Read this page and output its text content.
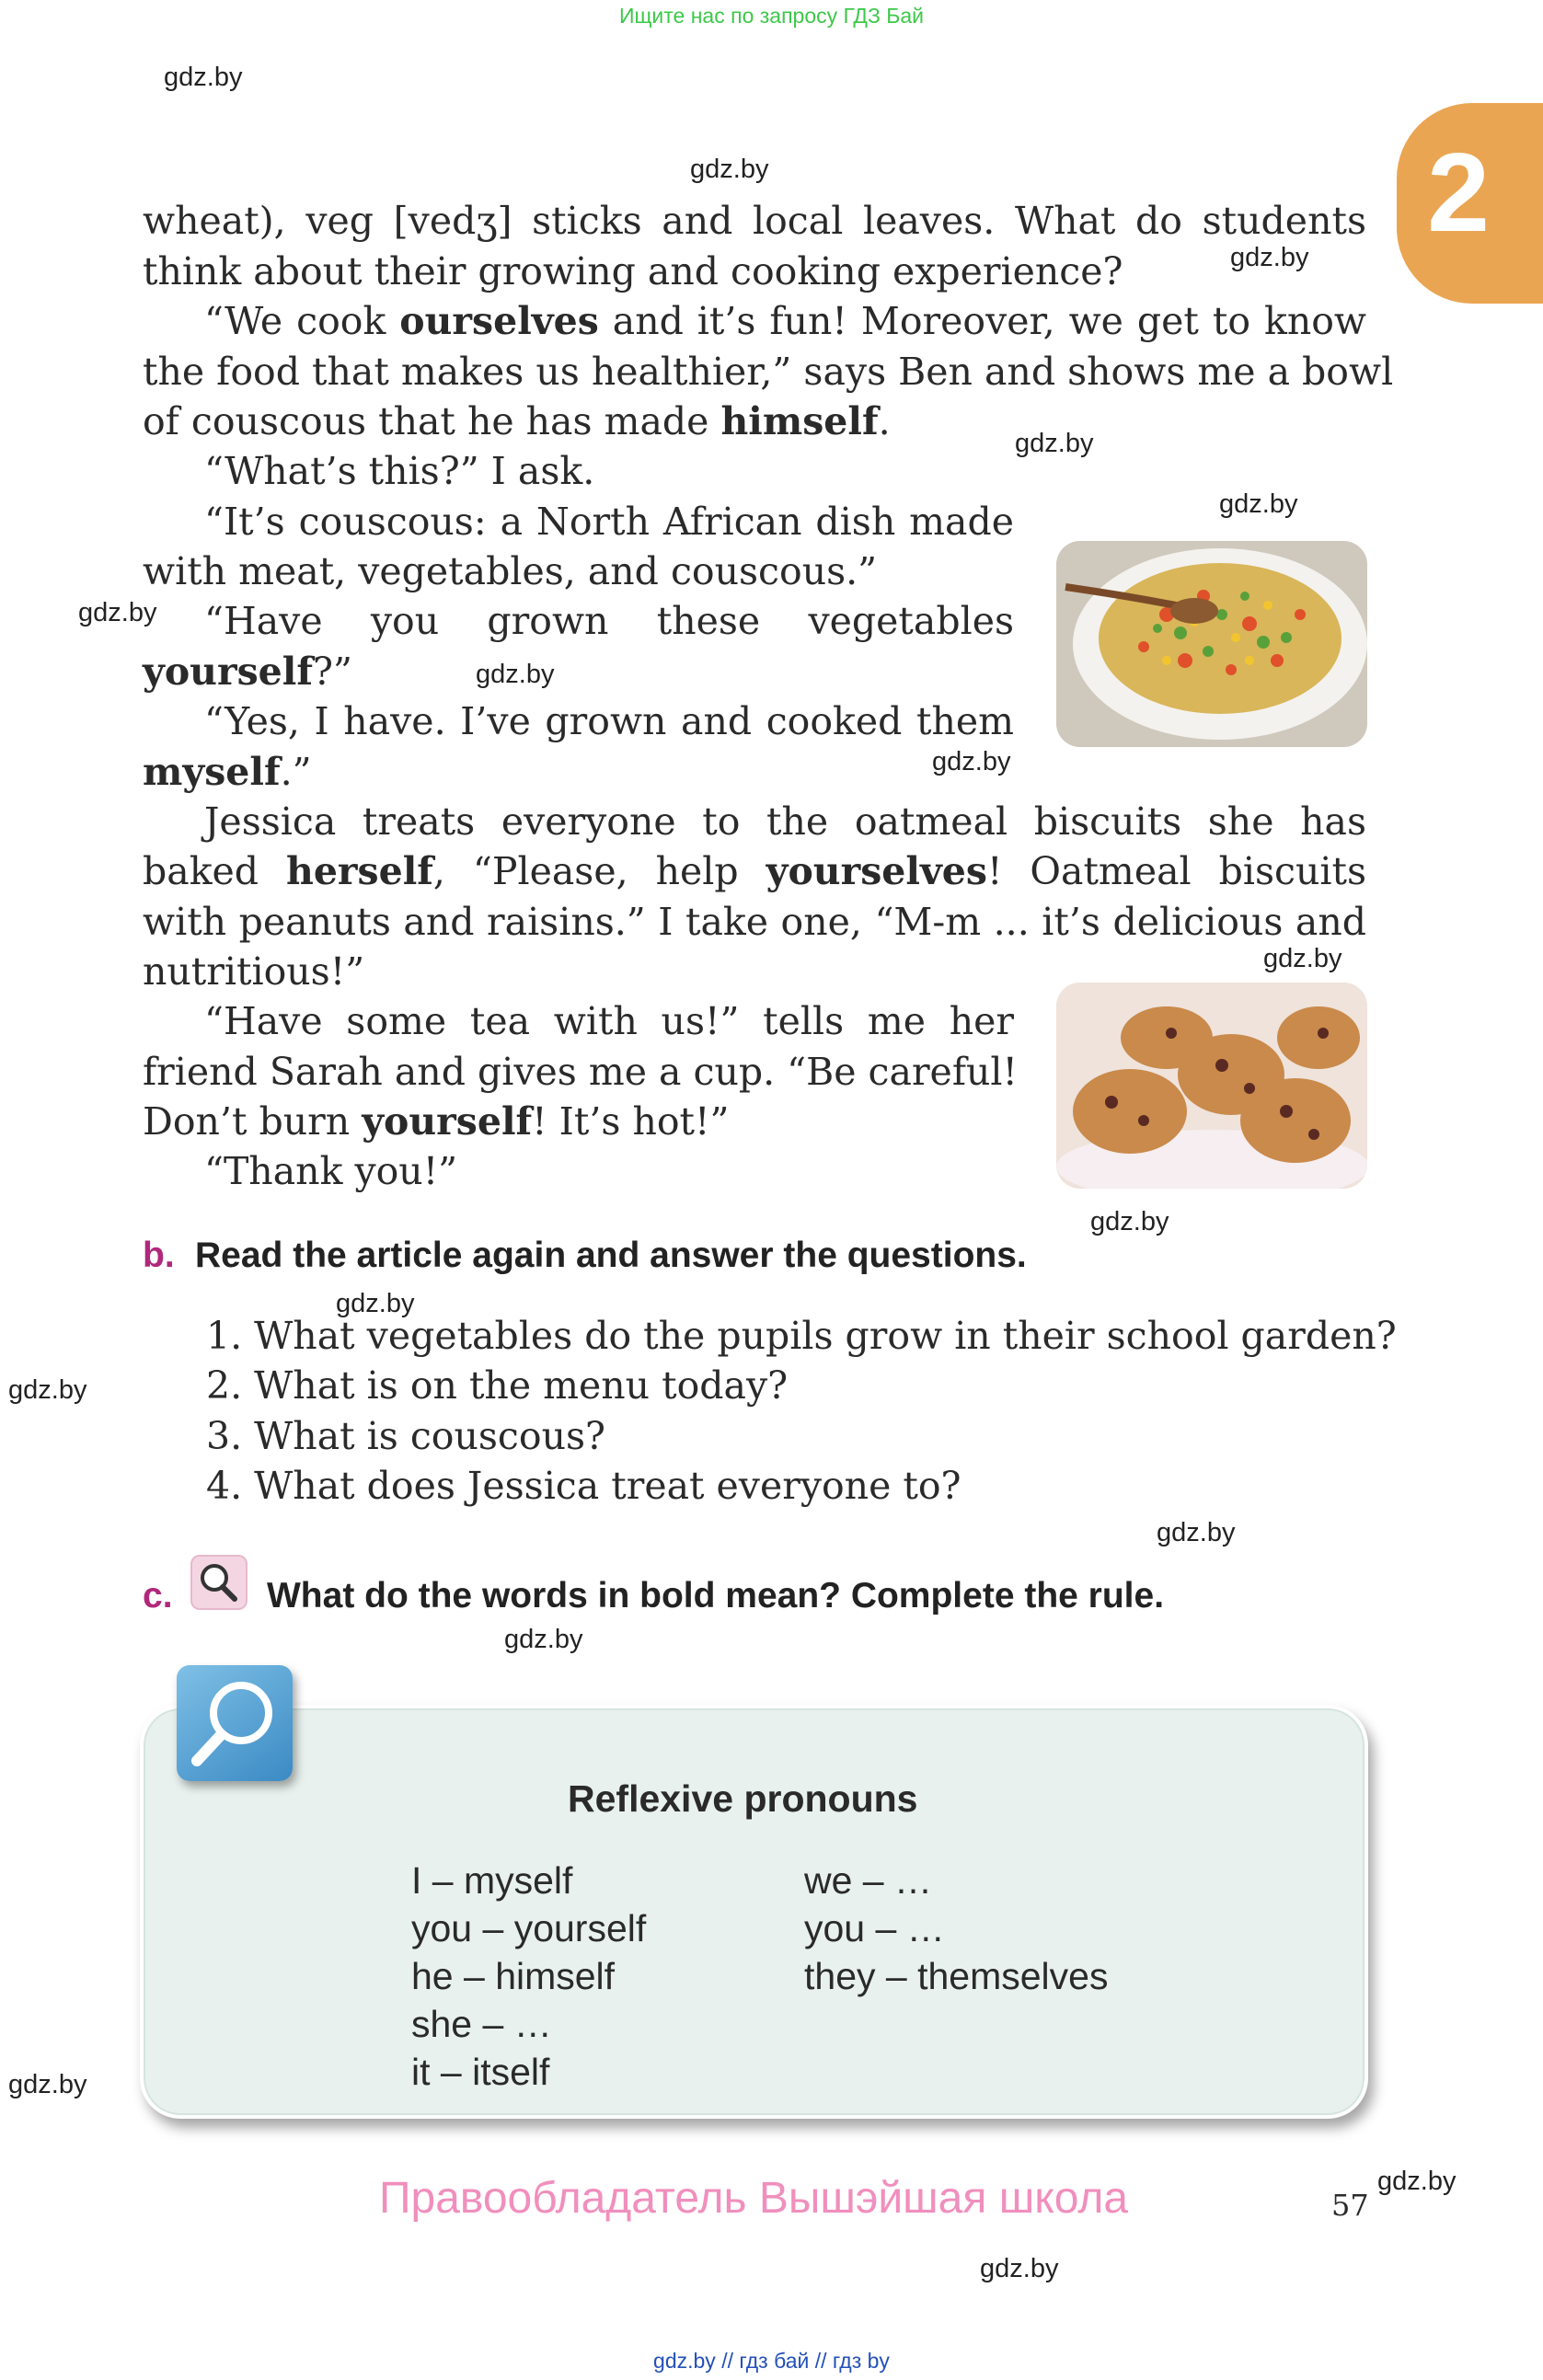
Ищите нас по запросу ГДЗ Бай
2
gdz.by
gdz.by
gdz.by
gdz.by
gdz.by
gdz.by
gdz.by
gdz.by
gdz.by
gdz.by
gdz.by
gdz.by
gdz.by
gdz.by
gdz.by
gdz.by
gdz.by
wheat), veg [vedʒ] sticks and local leaves. What do students
think about their growing and cooking experience?
“We cook ourselves and it’s fun! Moreover, we get to know
the food that makes us healthier,” says Ben and shows me a bowl
of couscous that he has made himself.
“What’s this?” I ask.
“It’s couscous: a North African dish made
with meat, vegetables, and couscous.”
“Have you grown these vegetables
yourself?”
“Yes, I have. I’ve grown and cooked them
myself.”
Jessica treats everyone to the oatmeal biscuits she has
baked herself, “Please, help yourselves! Oatmeal biscuits
with peanuts and raisins.” I take one, “M-m ... it’s delicious and
nutritious!”
“Have some tea with us!” tells me her
friend Sarah and gives me a cup. “Be careful!
Don’t burn yourself! It’s hot!”
“Thank you!”
b. Read the article again and answer the questions.
1. What vegetables do the pupils grow in their school garden?
2. What is on the menu today?
3. What is couscous?
4. What does Jessica treat everyone to?
c.	What do the words in bold mean? Complete the rule.
Reflexive pronouns
I – myself
you – yourself
he – himself
she – …
it – itself
we – …
you – …
they – themselves
Правообладатель Вышэйшая школа	57
gdz.by // гдз бай // гдз by
